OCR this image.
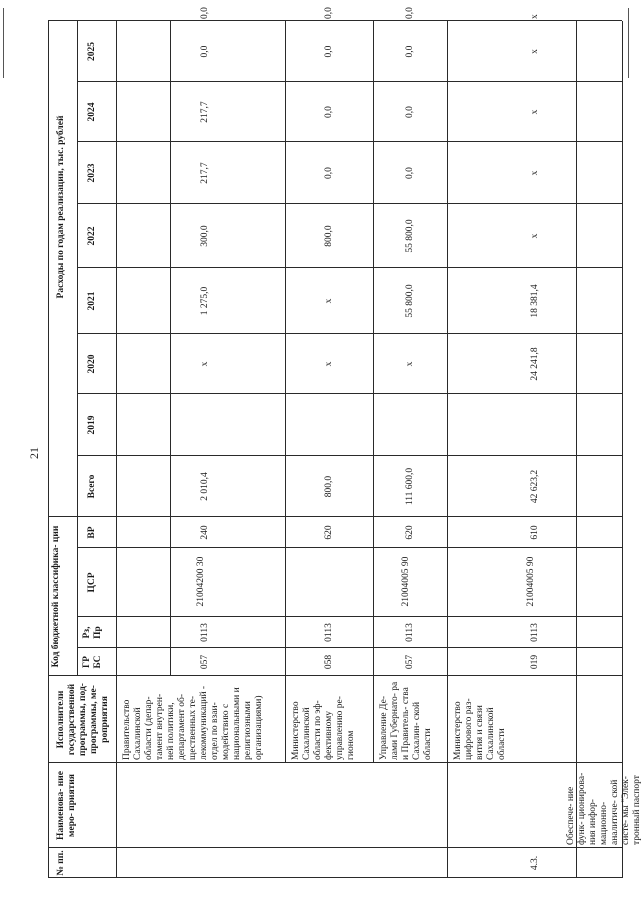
21
№ пп.
Наименова- ние меро- приятия
Исполнители государственной программы, под- программы, ме- роприятия
Код бюджетной классифика- ции ГР БС
Рз, Пр
ЦСР
ВР
Расходы по годам реализации, тыс. рублей
Всего
2019
2020
2021
2022
2023
2024
2025
Правительство Сахалинской области (депар- тамент внутрен- ней политики, департамент об- щественных те- лекоммуникаций - отдел по взаи- модействию с национальными и религиозными организациями)
057
0113
21004200 30
240
2 010,4
х
1 275,0
300,0
217,7
217,7
0,0
0,0
Министерство Сахалинской области по эф- фективному управлению ре- гионом
058
0113
620
800,0
х
х
800,0
0,0
0,0
0,0
0,0
Управление Де- лами Губернато- ра и Правитель- ства Сахалин- ской области
057
0113
21004005 90
620
111 600,0
х
55 800,0
55 800,0
0,0
0,0
0,0
0,0
4.3.
Обеспече- ние функ- ционирова- ния инфор- мационно- аналитиче- ской систе- мы "Элек- тронный паспорт
Министерство цифрового раз- вития и связи Сахалинской области
019
0113
21004005 90
610
42 623,2
24 241,8
18 381,4
х
х
х
х
х
